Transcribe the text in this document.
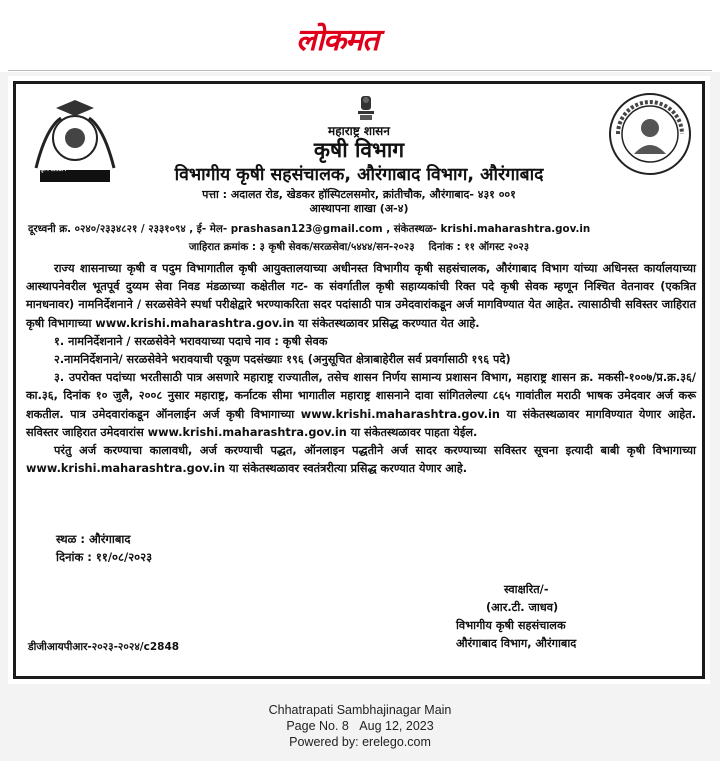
लोकमत
कृषि प्रतिष्ठान
महाराष्ट्र शासन
कृषी विभाग
विभागीय कृषी सहसंचालक, औरंगाबाद विभाग, औरंगाबाद
पत्ता : अदालत रोड, खेडकर हॉस्पिटलसमोर, क्रांतीचौक, औरंगाबाद- ४३१ ००१
आस्थापना शाखा (अ-४)
दूरध्वनी क्र. ०२४०/२३३४८२१ / २३३१०९४ , ई- मेल- prashasan123@gmail.com , संकेतस्थळ- krishi.maharashtra.gov.in
जाहिरात क्रमांक : ३ कृषी सेवक/सरळसेवा/५४४४/सन-२०२३ दिनांक : ११ ऑगस्ट २०२३

राज्य शासनाच्या कृषी व पदुम विभागातील कृषी आयुक्तालयाच्या अधीनस्त विभागीय कृषी सहसंचालक, औरंगाबाद विभाग यांच्या अधिनस्त कार्यालयाच्या आस्थापनेवरील भूतपूर्व दुय्यम सेवा निवड मंडळाच्या कक्षेतील गट- क संवर्गातील कृषी सहाय्यकांची रिक्त पदे कृषी सेवक म्हणून निश्चित वेतनावर (एकत्रित मानधनावर) नामनिर्देशनाने / सरळसेवेने स्पर्धा परीक्षेद्वारे भरण्याकरिता सदर पदांसाठी पात्र उमेदवारांकडून अर्ज मागविण्यात येत आहेत. त्यासाठीची सविस्तर जाहिरात कृषी विभागाच्या www.krishi.maharashtra.gov.in या संकेतस्थळावर प्रसिद्ध करण्यात येत आहे.

१. नामनिर्देशनाने / सरळसेवेने भरावयाच्या पदाचे नाव : कृषी सेवक

२.नामनिर्देशनाने/ सरळसेवेने भरावयाची एकूण पदसंख्याः १९६ (अनुसूचित क्षेत्राबाहेरील सर्व प्रवर्गासाठी १९६ पदे)

३. उपरोक्त पदांच्या भरतीसाठी पात्र असणारे महाराष्ट्र राज्यातील, तसेच शासन निर्णय सामान्य प्रशासन विभाग, महाराष्ट्र शासन क्र. मकसी-१००७/प्र.क्र.३६/का.३६, दिनांक १० जुलै, २००८ नुसार महाराष्ट्र, कर्नाटक सीमा भागातील महाराष्ट्र शासनाने दावा सांगितलेल्या ८६५ गावांतील मराठी भाषक उमेदवार अर्ज करू शकतील. पात्र उमेदवारांकडून ऑनलाईन अर्ज कृषी विभागाच्या www.krishi.maharashtra.gov.in या संकेतस्थळावर मागविण्यात येणार आहेत. सविस्तर जाहिरात उमेदवारांस www.krishi.maharashtra.gov.in या संकेतस्थळावर पाहता येईल.

परंतु अर्ज करण्याचा कालावधी, अर्ज करण्याची पद्धत, ऑनलाइन पद्धतीने अर्ज सादर करण्याच्या सविस्तर सूचना इत्यादी बाबी कृषी विभागाच्या www.krishi.maharashtra.gov.in या संकेतस्थळावर स्वतंत्ररीत्या प्रसिद्ध करण्यात येणार आहे.

स्थळ : औरंगाबाद
दिनांक : ११/०८/२०२३
स्वाक्षरित/-
(आर.टी. जाधव)
विभागीय कृषी सहसंचालक
औरंगाबाद विभाग, औरंगाबाद
डीजीआयपीआर-२०२३-२०२४/c2848
Chhatrapati Sambhajinagar Main
Page No. 8 Aug 12, 2023
Powered by: erelego.com
